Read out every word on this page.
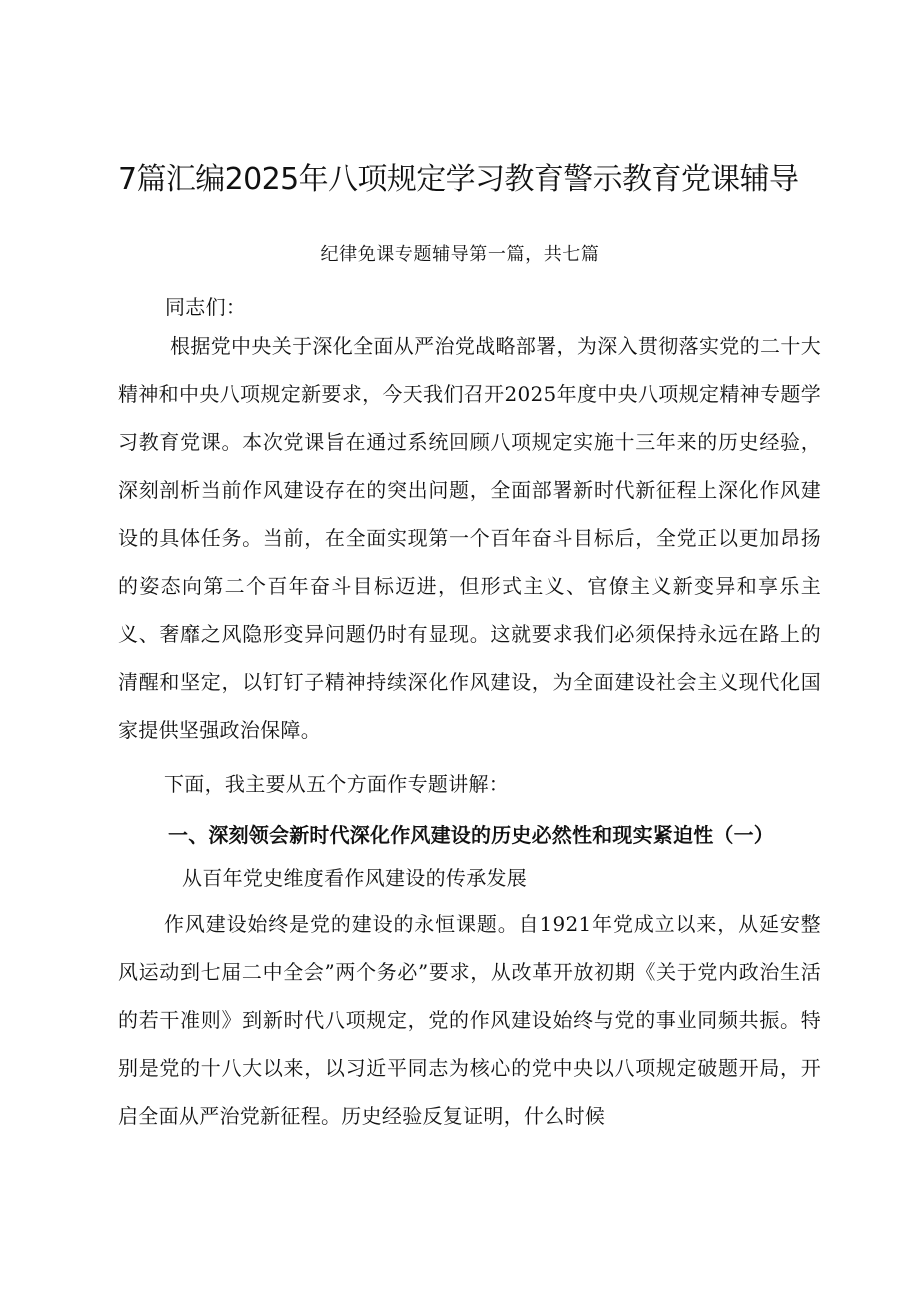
7篇汇编2025年八项规定学习教育警示教育党课辅导
纪律免课专题辅导第一篇，共七篇
同志们：
根据党中央关于深化全面从严治党战略部署，为深入贯彻落实党的二十大精神和中央八项规定新要求，今天我们召开2025年度中央八项规定精神专题学习教育党课。本次党课旨在通过系统回顾八项规定实施十三年来的历史经验，深刻剖析当前作风建设存在的突出问题，全面部署新时代新征程上深化作风建设的具体任务。当前，在全面实现第一个百年奋斗目标后，全党正以更加昂扬的姿态向第二个百年奋斗目标迈进，但形式主义、官僚主义新变异和享乐主义、奢靡之风隐形变异问题仍时有显现。这就要求我们必须保持永远在路上的清醒和坚定，以钉钉子精神持续深化作风建设，为全面建设社会主义现代化国家提供坚强政治保障。
下面，我主要从五个方面作专题讲解：
一、深刻领会新时代深化作风建设的历史必然性和现实紧迫性（一）
从百年党史维度看作风建设的传承发展
作风建设始终是党的建设的永恒课题。自1921年党成立以来，从延安整风运动到七届二中全会”两个务必”要求，从改革开放初期《关于党内政治生活的若干准则》到新时代八项规定，党的作风建设始终与党的事业同频共振。特别是党的十八大以来，以习近平同志为核心的党中央以八项规定破题开局，开启全面从严治党新征程。历史经验反复证明，什么时候
